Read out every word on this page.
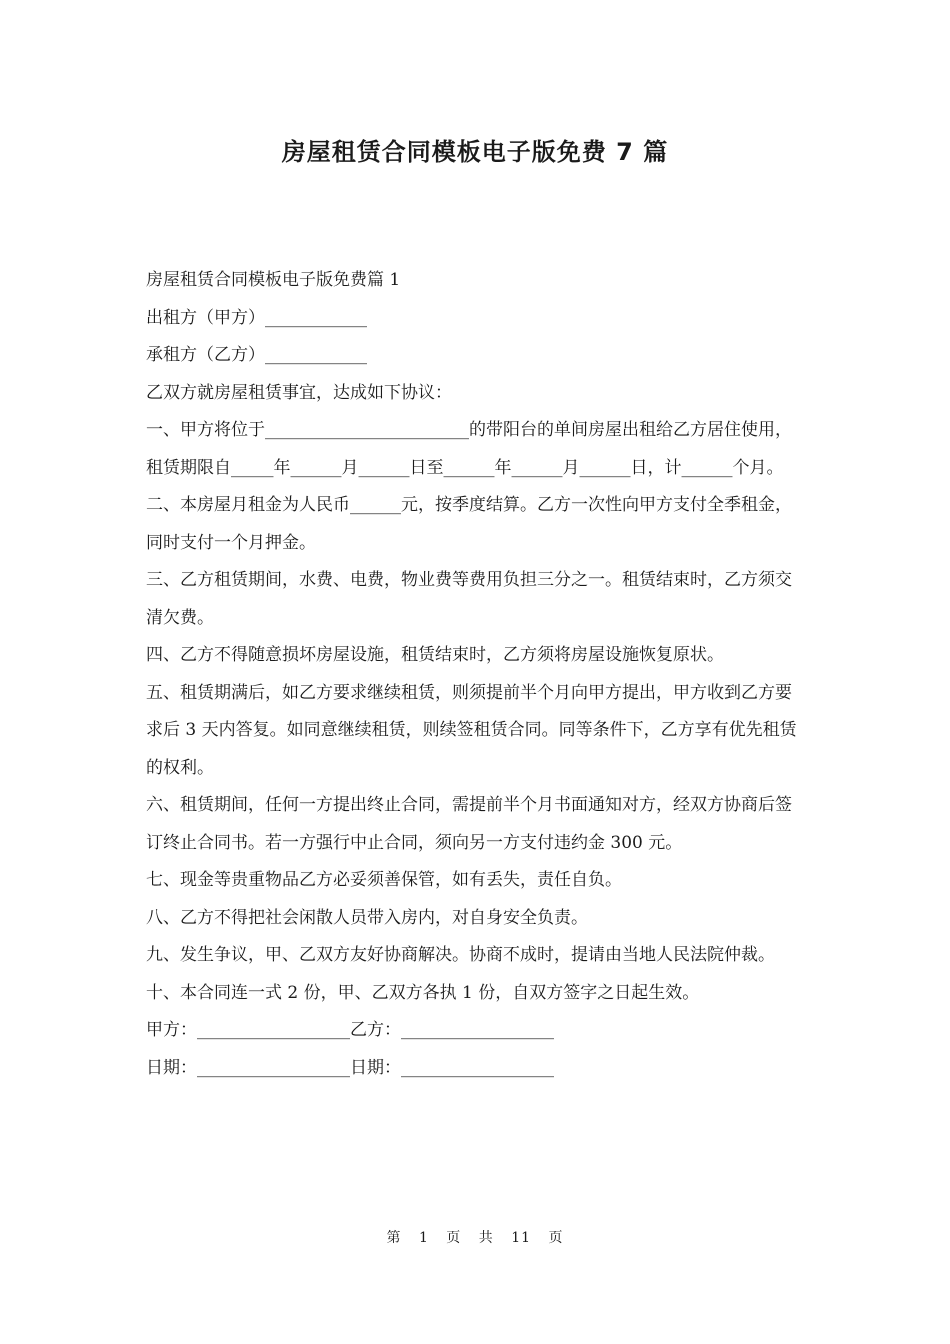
房屋租赁合同模板电子版免费 7 篇

房屋租赁合同模板电子版免费篇 1

出租方（甲方）____________

承租方（乙方）____________

乙双方就房屋租赁事宜，达成如下协议：

一、甲方将位于________________________的带阳台的单间房屋出租给乙方居住使用，租赁期限自_____年______月______日至______年______月______日，计______个月。

二、本房屋月租金为人民币______元，按季度结算。乙方一次性向甲方支付全季租金，同时支付一个月押金。

三、乙方租赁期间，水费、电费，物业费等费用负担三分之一。租赁结束时，乙方须交清欠费。

四、乙方不得随意损坏房屋设施，租赁结束时，乙方须将房屋设施恢复原状。

五、租赁期满后，如乙方要求继续租赁，则须提前半个月向甲方提出，甲方收到乙方要求后 3 天内答复。如同意继续租赁，则续签租赁合同。同等条件下，乙方享有优先租赁的权利。

六、租赁期间，任何一方提出终止合同，需提前半个月书面通知对方，经双方协商后签订终止合同书。若一方强行中止合同，须向另一方支付违约金 300 元。

七、现金等贵重物品乙方必妥须善保管，如有丢失，责任自负。

八、乙方不得把社会闲散人员带入房内，对自身安全负责。

九、发生争议，甲、乙双方友好协商解决。协商不成时，提请由当地人民法院仲裁。

十、本合同连一式 2 份，甲、乙双方各执 1 份，自双方签字之日起生效。

甲方：__________________乙方：__________________

日期：__________________日期：__________________

第 1 页 共 11 页
